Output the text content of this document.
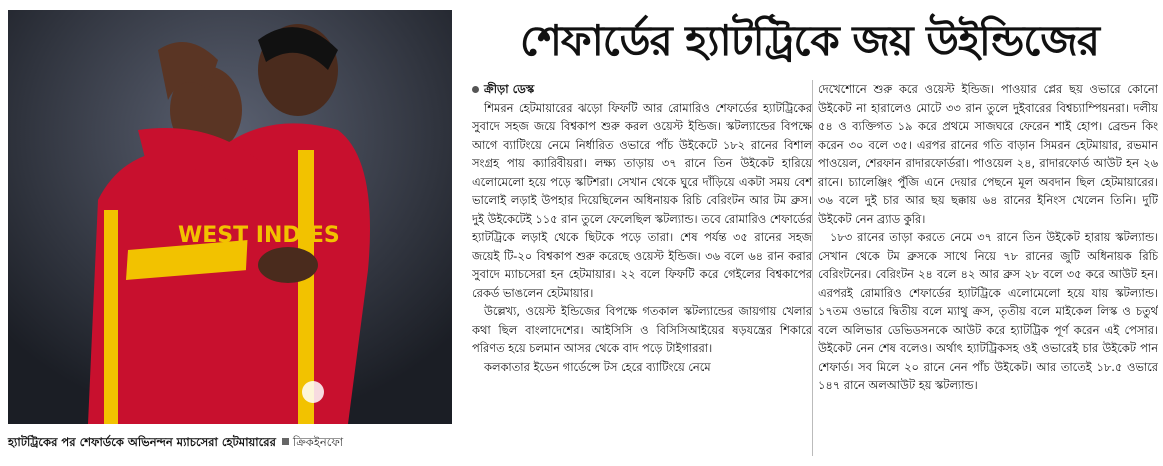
WEST INDIES
হ্যাটট্রিকের পর শেফার্ডকে অভিনন্দন ম্যাচসেরা হেটমায়ারের ক্রিকইনফো
শেফার্ডের হ্যাটট্রিকে জয় উইন্ডিজের
ক্রীড়া ডেস্ক

শিমরন হেটমায়ারের ঝড়ো ফিফটি আর রোমারিও শেফার্ডের হ্যাটট্রিকের সুবাদে সহজ জয়ে বিশ্বকাপ শুরু করল ওয়েস্ট ইন্ডিজ। স্কটল্যান্ডের বিপক্ষে আগে ব্যাটিংয়ে নেমে নির্ধারিত ওভারে পাঁচ উইকেটে ১৮২ রানের বিশাল সংগ্রহ পায় ক্যারিবীয়রা। লক্ষ্য তাড়ায় ৩৭ রানে তিন উইকেট হারিয়ে এলোমেলো হয়ে পড়ে স্কটিশরা। সেখান থেকে ঘুরে দাঁড়িয়ে একটা সময় বেশ ভালোই লড়াই উপহার দিয়েছিলেন অধিনায়ক রিচি বেরিংটন আর টম ব্রুস। দুই উইকেটেই ১১৫ রান তুলে ফেলেছিল স্কটল্যান্ড। তবে রোমারিও শেফার্ডের হ্যাটট্রিকে লড়াই থেকে ছিটকে পড়ে তারা। শেষ পর্যন্ত ৩৫ রানের সহজ জয়েই টি-২০ বিশ্বকাপ শুরু করেছে ওয়েস্ট ইন্ডিজ। ৩৬ বলে ৬৪ রান করার সুবাদে ম্যাচসেরা হন হেটমায়ার। ২২ বলে ফিফটি করে গেইলের বিশ্বকাপের রেকর্ড ভাঙলেন হেটমায়ার।

উল্লেখ্য, ওয়েস্ট ইন্ডিজের বিপক্ষে গতকাল স্কটল্যান্ডের জায়গায় খেলার কথা ছিল বাংলাদেশের। আইসিসি ও বিসিসিআইয়ের ষড়যন্ত্রের শিকারে পরিণত হয়ে চলমান আসর থেকে বাদ পড়ে টাইগাররা।

কলকাতার ইডেন গার্ডেন্সে টস হেরে ব্যাটিংয়ে নেমে

দেখেশোনে শুরু করে ওয়েস্ট ইন্ডিজ। পাওয়ার প্লের ছয় ওভারে কোনো উইকেট না হারালেও মোটে ৩৩ রান তুলে দুইবারের বিশ্বচ্যাম্পিয়নরা। দলীয় ৫৪ ও ব্যক্তিগত ১৯ করে প্রথমে সাজঘরে ফেরেন শাই হোপ। ব্রেন্ডন কিং করেন ৩০ বলে ৩৫। এরপর রানের গতি বাড়ান সিমরন হেটমায়ার, রভমান পাওয়েল, শেরফান রাদারফোর্ডরা। পাওয়েল ২৪, রাদারফোর্ড আউট হন ২৬ রানে। চ্যালেঞ্জিং পুঁজি এনে দেয়ার পেছনে মূল অবদান ছিল হেটমায়ারের। ৩৬ বলে দুই চার আর ছয় ছক্কায় ৬৪ রানের ইনিংস খেলেন তিনি। দুটি উইকেট নেন ব্র্যাড কুরি।

১৮৩ রানের তাড়া করতে নেমে ৩৭ রানে তিন উইকেট হারায় স্কটল্যান্ড। সেখান থেকে টম ব্রুসকে সাথে নিয়ে ৭৮ রানের জুটি অধিনায়ক রিচি বেরিংটনের। বেরিংটন ২৪ বলে ৪২ আর ব্রুস ২৮ বলে ৩৫ করে আউট হন। এরপরই রোমারিও শেফার্ডের হ্যাটট্রিকে এলোমেলো হয়ে যায় স্কটল্যান্ড। ১৭তম ওভারে দ্বিতীয় বলে ম্যাথু ক্রস, তৃতীয় বলে মাইকেল লিস্ক ও চতুর্থ বলে অলিভার ডেভিডসনকে আউট করে হ্যাটট্রিক পূর্ণ করেন এই পেসার। উইকেট নেন শেষ বলেও। অর্থাৎ হ্যাটট্রিকসহ ওই ওভারেই চার উইকেট পান শেফার্ড। সব মিলে ২০ রানে নেন পাঁচ উইকেট। আর তাতেই ১৮.৫ ওভারে ১৪৭ রানে অলআউট হয় স্কটল্যান্ড।
